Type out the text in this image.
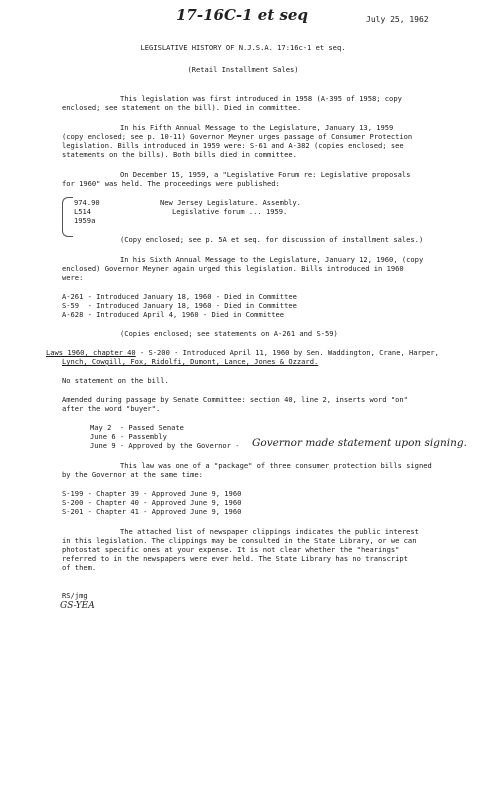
17-16C-1 et seq	July 25, 1962
LEGISLATIVE HISTORY OF N.J.S.A. 17:16c-1 et seq.
(Retail Installment Sales)
This legislation was first introduced in 1958 (A-395 of 1958; copy
enclosed; see statement on the bill). Died in committee.
In his Fifth Annual Message to the Legislature, January 13, 1959
(copy enclosed; see p. 10-11) Governor Meyner urges passage of Consumer Protection
legislation. Bills introduced in 1959 were: S-61 and A-382 (copies enclosed; see
statements on the bills). Both bills died in committee.
On December 15, 1959, a "Legislative Forum re: Legislative proposals
for 1960" was held. The proceedings were published:
974.90
L514
1959a
New Jersey Legislature. Assembly.
Legislative forum ... 1959.
(Copy enclosed; see p. 5A et seq. for discussion of installment sales.)
In his Sixth Annual Message to the Legislature, January 12, 1960, (copy
enclosed) Governor Meyner again urged this legislation. Bills introduced in 1960
were:
A-261 - Introduced January 18, 1960 - Died in Committee
S-59  - Introduced January 18, 1960 - Died in Committee
A-628 - Introduced April 4, 1960 - Died in Committee
(Copies enclosed; see statements on A-261 and S-59)
Laws 1960, chapter 40 - S-200 - Introduced April 11, 1960 by Sen. Waddington, Crane, Harper,
Lynch, Cowgill, Fox, Ridolfi, Dumont, Lance, Jones & Ozzard.
No statement on the bill.
Amended during passage by Senate Committee: section 40, line 2, inserts word "on"
after the word "buyer".
May 2  - Passed Senate
June 6 - Passembly
June 9 - Approved by the Governor - Governor made statement upon signing.
This law was one of a "package" of three consumer protection bills signed
by the Governor at the same time:
S-199 - Chapter 39 - Approved June 9, 1960
S-200 - Chapter 40 - Approved June 9, 1960
S-201 - Chapter 41 - Approved June 9, 1960
The attached list of newspaper clippings indicates the public interest
in this legislation. The clippings may be consulted in the State Library, or we can
photostat specific ones at your expense. It is not clear whether the "hearings"
referred to in the newspapers were ever held. The State Library has no transcript
of them.
RS/jmg
GS-YEA
